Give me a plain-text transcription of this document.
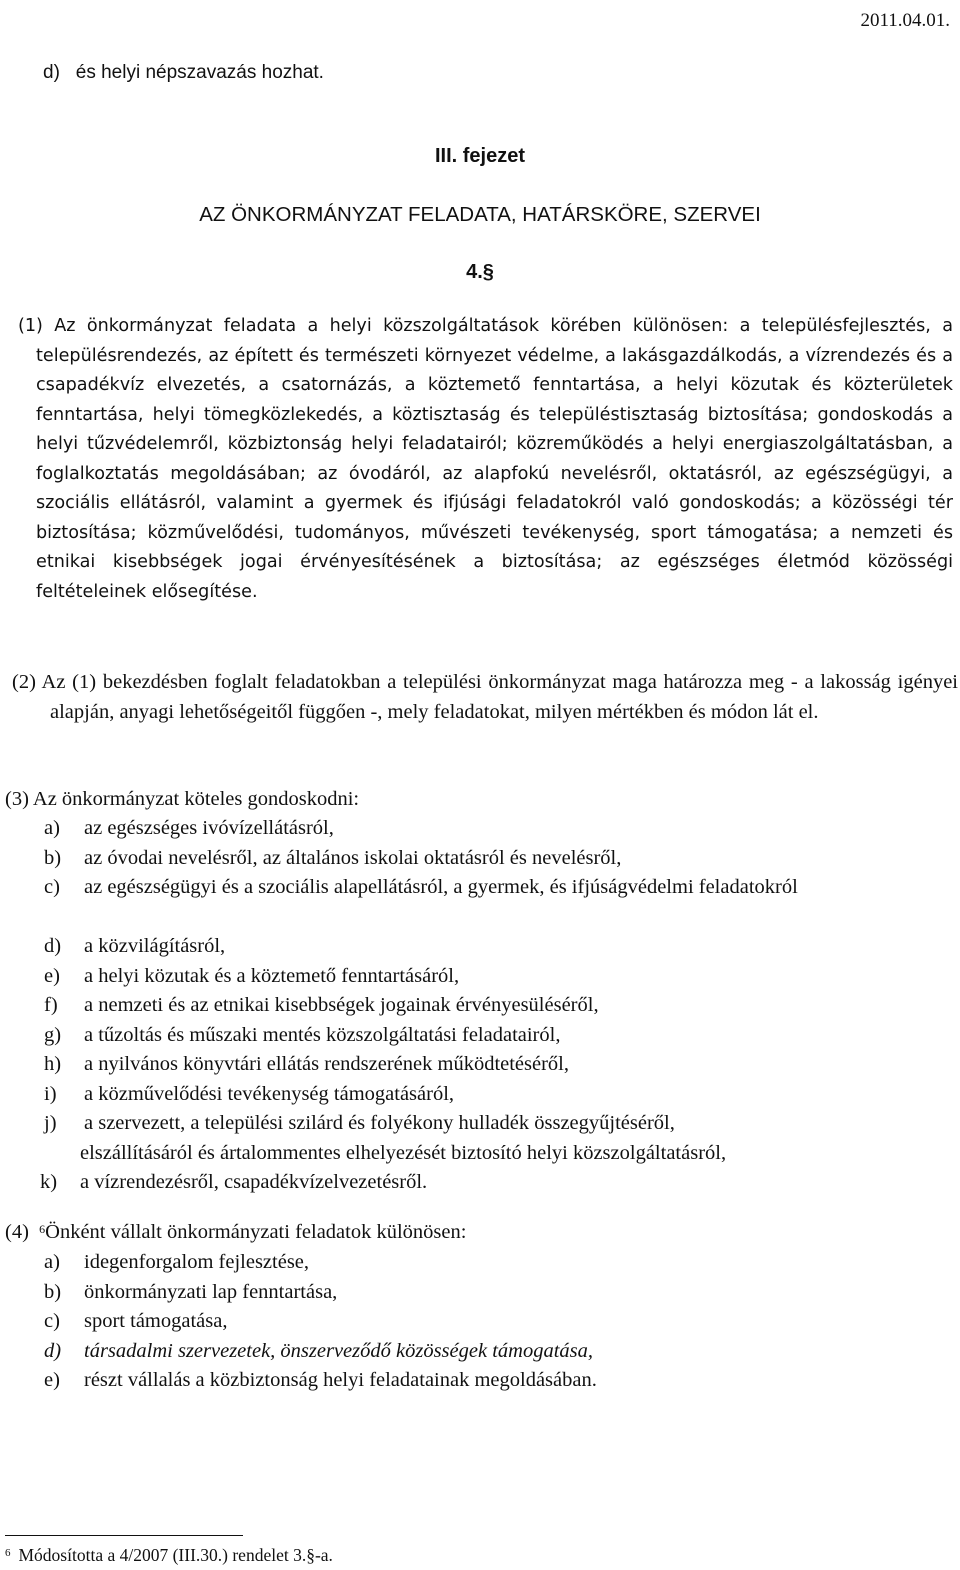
2011.04.01.
d) és helyi népszavazás hozhat.
III. fejezet
AZ ÖNKORMÁNYZAT FELADATA, HATÁRSKÖRE, SZERVEI
4.§
(1) Az önkormányzat feladata a helyi közszolgáltatások körében különösen: a településfejlesztés, a településrendezés, az épített és természeti környezet védelme, a lakásgazdálkodás, a vízrendezés és a csapadékvíz elvezetés, a csatornázás, a köztemető fenntartása, a helyi közutak és közterületek fenntartása, helyi tömegközlekedés, a köztisztaság és településtisztaság biztosítása; gondoskodás a helyi tűzvédelemről, közbiztonság helyi feladatairól; közreműködés a helyi energiaszolgáltatásban, a foglalkoztatás megoldásában; az óvodáról, az alapfokú nevelésről, oktatásról, az egészségügyi, a szociális ellátásról, valamint a gyermek és ifjúsági feladatokról való gondoskodás; a közösségi tér biztosítása; közművelődési, tudományos, művészeti tevékenység, sport támogatása; a nemzeti és etnikai kisebbségek jogai érvényesítésének a biztosítása; az egészséges életmód közösségi feltételeinek elősegítése.
(2) Az (1) bekezdésben foglalt feladatokban a települési önkormányzat maga határozza meg - a lakosság igényei alapján, anyagi lehetőségeitől függően -, mely feladatokat, milyen mértékben és módon lát el.
(3) Az önkormányzat köteles gondoskodni:
a) az egészséges ivóvízellátásról,
b) az óvodai nevelésről, az általános iskolai oktatásról és nevelésről,
c) az egészségügyi és a szociális alapellátásról, a gyermek, és ifjúságvédelmi feladatokról
d) a közvilágításról,
e) a helyi közutak és a köztemető fenntartásáról,
f) a nemzeti és az etnikai kisebbségek jogainak érvényesüléséről,
g) a tűzoltás és műszaki mentés közszolgáltatási feladatairól,
h) a nyilvános könyvtári ellátás rendszerének működtetéséről,
i) a közművelődési tevékenység támogatásáról,
j) a szervezett, a települési szilárd és folyékony hulladék összegyűjtéséről,
elszállításáról és ártalommentes elhelyezését biztosító helyi közszolgáltatásról,
k) a vízrendezésről, csapadékvízelvezetésről.
(4) $^6$Önként vállalt önkormányzati feladatok különösen:
a) idegenforgalom fejlesztése,
b) önkormányzati lap fenntartása,
c) sport támogatása,
d) társadalmi szervezetek, önszerveződő közösségek támogatása,
e) részt vállalás a közbiztonság helyi feladatainak megoldásában.
$^6$ Módosította a 4/2007 (III.30.) rendelet 3.§-a.
